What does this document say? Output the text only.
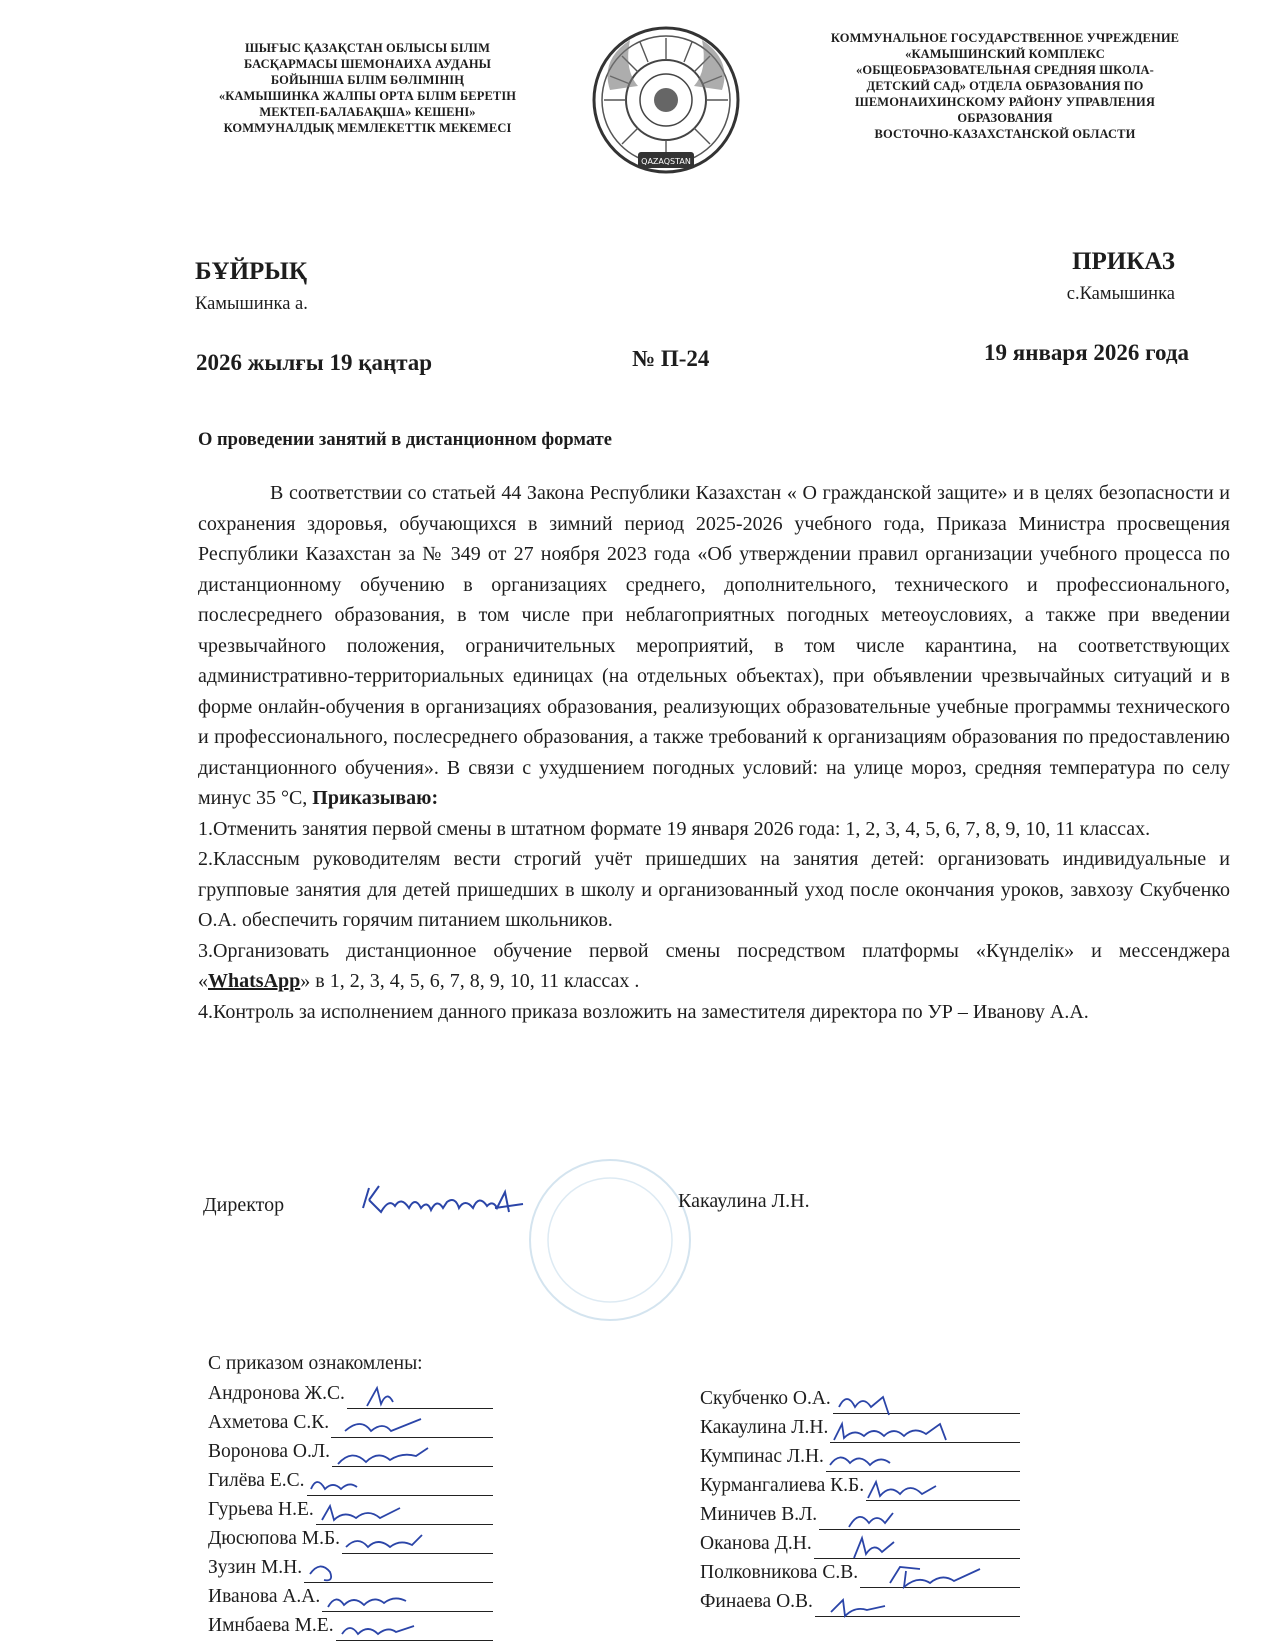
ШЫҒЫС ҚАЗАҚСТАН ОБЛЫСЫ БІЛІМ
БАСҚАРМАСЫ ШЕМОНАИХА АУДАНЫ
БОЙЫНША БІЛІМ БӨЛІМІНІҢ
«КАМЫШИНКА ЖАЛПЫ ОРТА БІЛІМ БЕРЕТІН
МЕКТЕП-БАЛАБАҚША» КЕШЕНІ»
КОММУНАЛДЫҚ МЕМЛЕКЕТТІК МЕКЕМЕСІ
QAZAQSTAN
КОММУНАЛЬНОЕ ГОСУДАРСТВЕННОЕ УЧРЕЖДЕНИЕ
«КАМЫШИНСКИЙ КОМПЛЕКС
«ОБЩЕОБРАЗОВАТЕЛЬНАЯ СРЕДНЯЯ ШКОЛА-
ДЕТСКИЙ САД» ОТДЕЛА ОБРАЗОВАНИЯ ПО
ШЕМОНАИХИНСКОМУ РАЙОНУ УПРАВЛЕНИЯ
ОБРАЗОВАНИЯ
ВОСТОЧНО-КАЗАХСТАНСКОЙ ОБЛАСТИ
БҰЙРЫҚ
Камышинка а.
ПРИКАЗ
с.Камышинка
2026 жылғы 19 қаңтар	№ П-24	19 января 2026 года
О проведении занятий в дистанционном формате

В соответствии со статьей 44 Закона Республики Казахстан « О гражданской защите» и в целях безопасности и сохранения здоровья, обучающихся в зимний период 2025-2026 учебного года, Приказа Министра просвещения Республики Казахстан за № 349 от 27 ноября 2023 года «Об утверждении правил организации учебного процесса по дистанционному обучению в организациях среднего, дополнительного, технического и профессионального, послесреднего образования, в том числе при неблагоприятных погодных метеоусловиях, а также при введении чрезвычайного положения, ограничительных мероприятий, в том числе карантина, на соответствующих административно-территориальных единицах (на отдельных объектах), при объявлении чрезвычайных ситуаций и в форме онлайн-обучения в организациях образования, реализующих образовательные учебные программы технического и профессионального, послесреднего образования, а также требований к организациям образования по предоставлению дистанционного обучения». В связи с ухудшением погодных условий: на улице мороз, средняя температура по селу минус 35 °С, Приказываю:

1.Отменить занятия первой смены в штатном формате 19 января 2026 года: 1, 2, 3, 4, 5, 6, 7, 8, 9, 10, 11 классах.

2.Классным руководителям вести строгий учёт пришедших на занятия детей: организовать индивидуальные и групповые занятия для детей пришедших в школу и организованный уход после окончания уроков, завхозу Скубченко О.А. обеспечить горячим питанием школьников.

3.Организовать дистанционное обучение первой смены посредством платформы «Күнделік» и мессенджера «WhatsApp» в 1, 2, 3, 4, 5, 6, 7, 8, 9, 10, 11 классах .

4.Контроль за исполнением данного приказа возложить на заместителя директора по УР – Иванову А.А.

Директор	Какаулина Л.Н.
С приказом ознакомлены:
Андронова Ж.С.
Ахметова С.К.
Воронова О.Л.
Гилёва Е.С.
Гурьева Н.Е.
Дюсюпова М.Б.
Зузин М.Н.
Иванова А.А.
Имнбаева М.Е.
Скубченко О.А.
Какаулина Л.Н.
Кумпинас Л.Н.
Курмангалиева К.Б.
Миничев В.Л.
Оканова Д.Н.
Полковникова С.В.
Финаева О.В.
